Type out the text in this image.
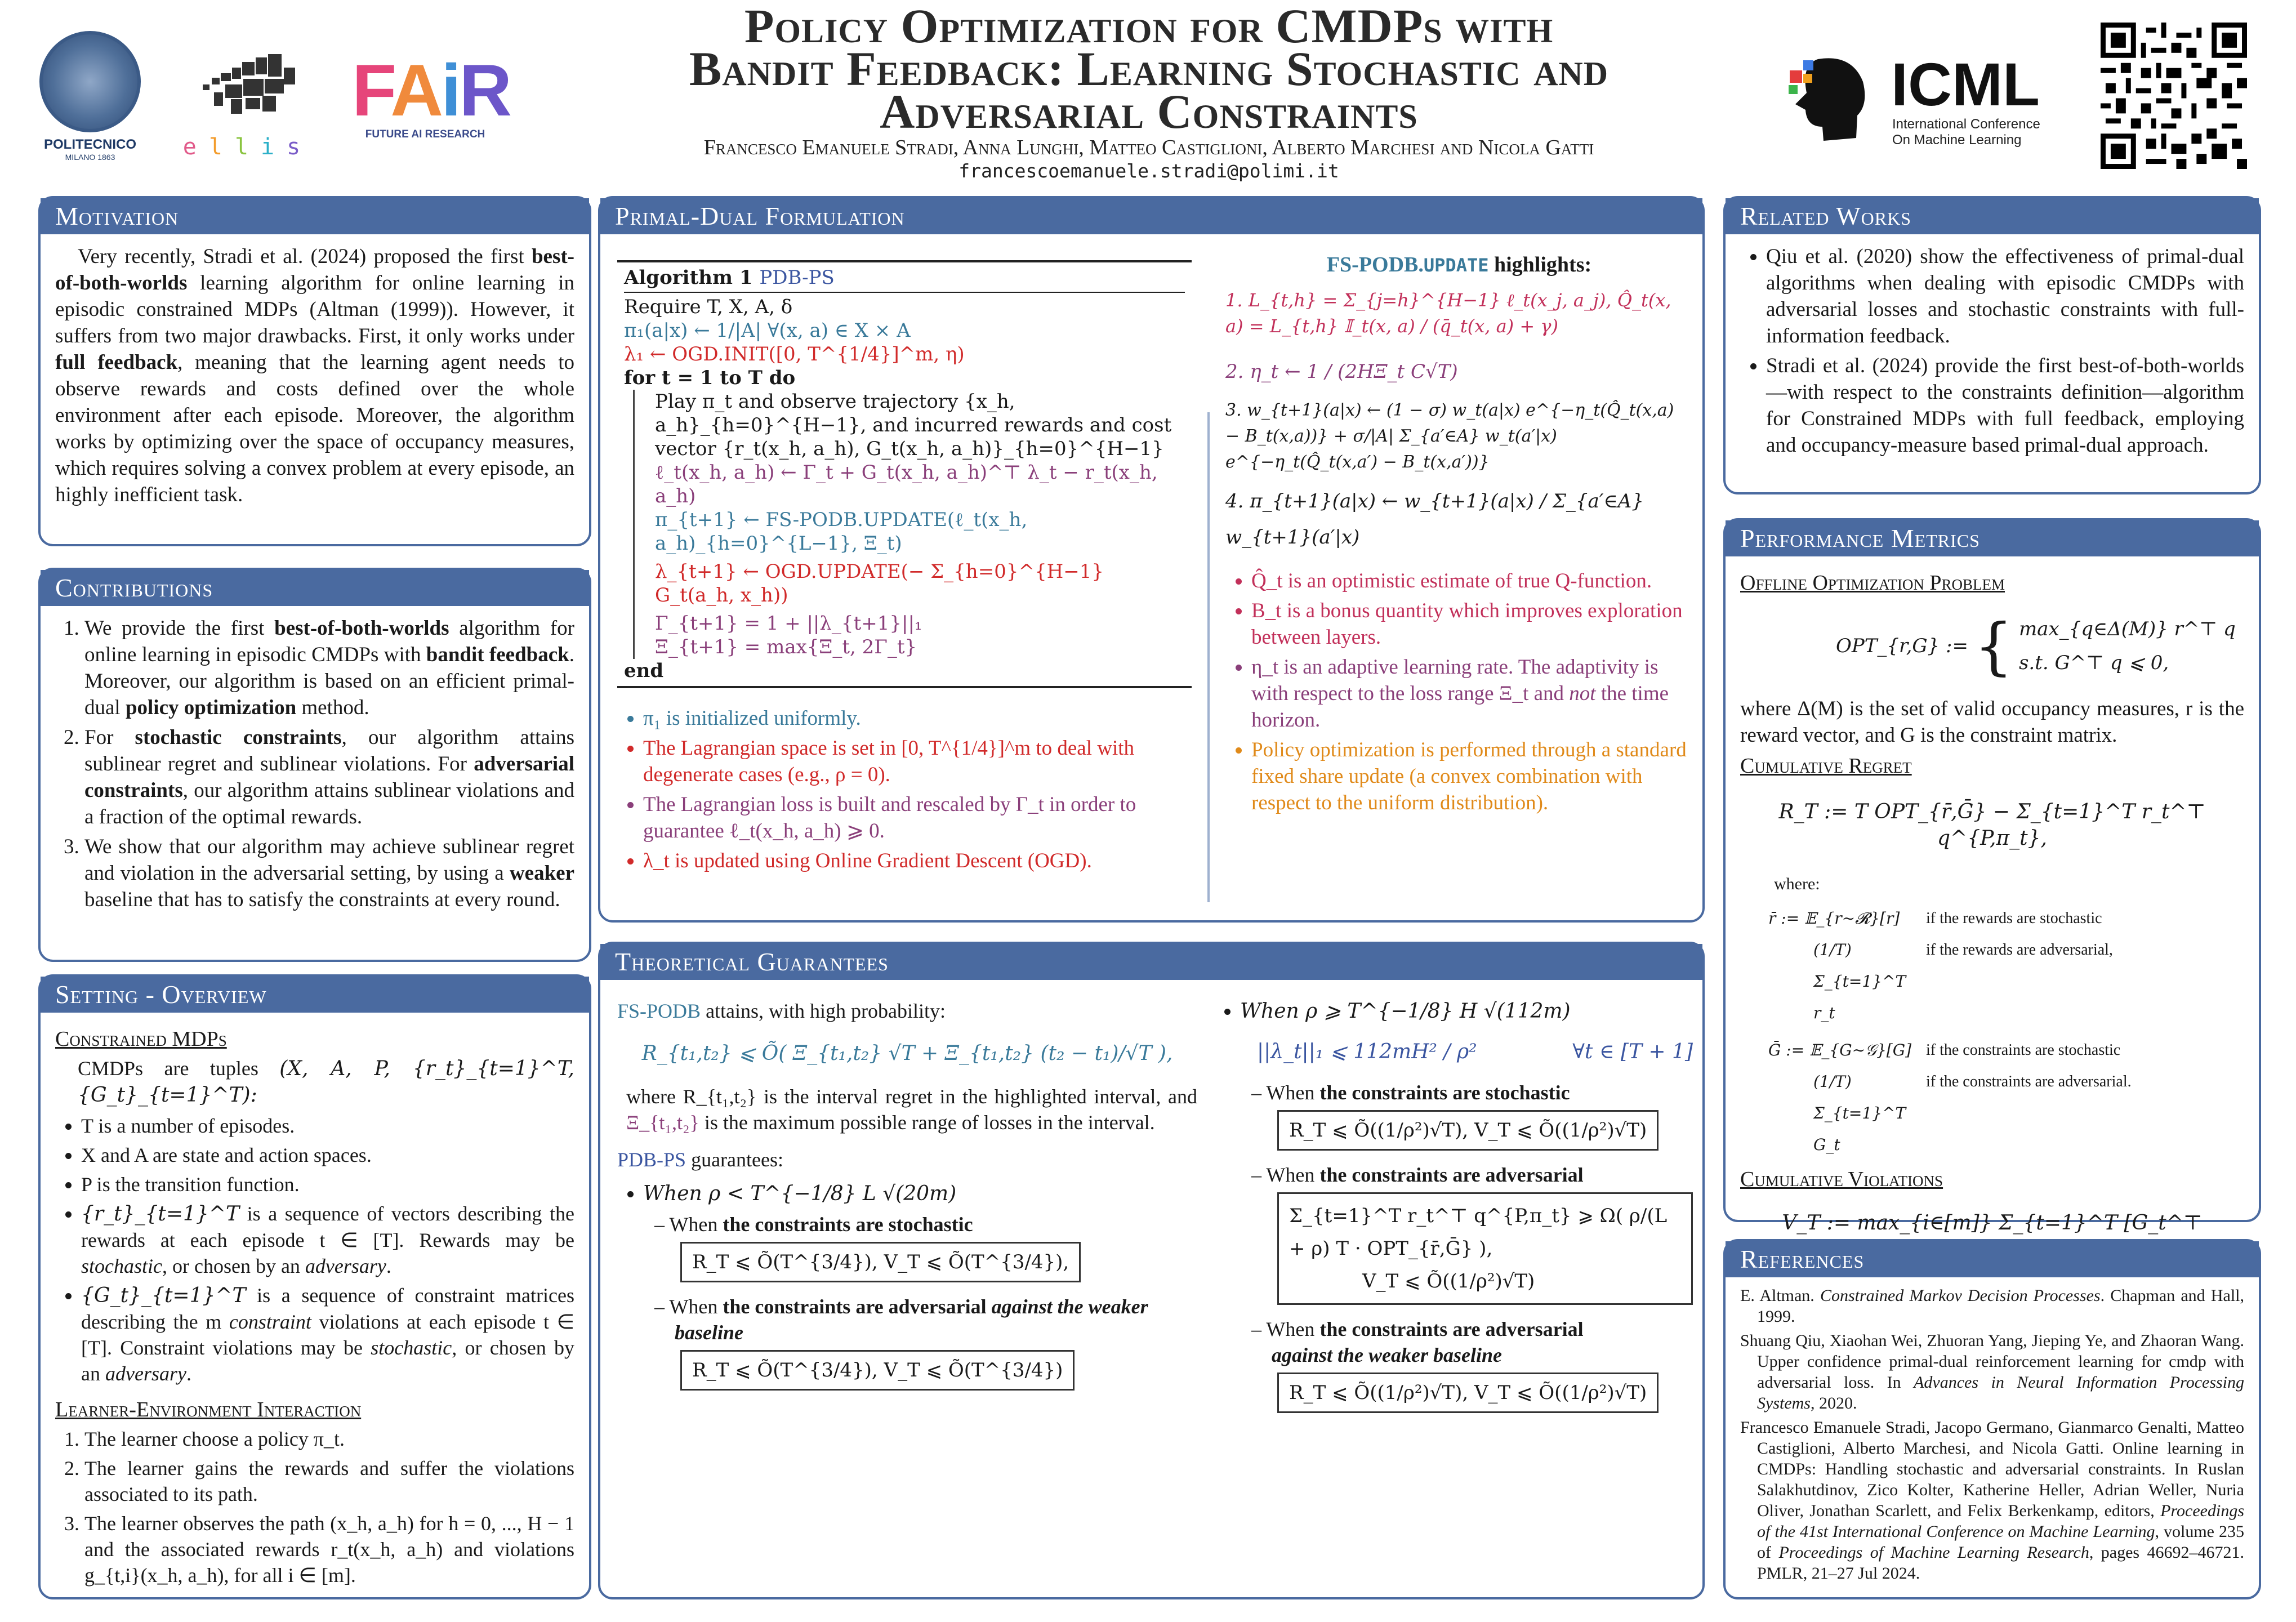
POLITECNICO
MILANO 1863	ellis
FAiR
FUTURE AI RESEARCH
Policy Optimization for CMDPs with
Bandit Feedback: Learning Stochastic and
Adversarial Constraints
Francesco Emanuele Stradi, Anna Lunghi, Matteo Castiglioni, Alberto Marchesi and Nicola Gatti
francescoemanuele.stradi@polimi.it
ICML
International Conference
On Machine Learning
Motivation

Very recently, Stradi et al. (2024) proposed the first best-of-both-worlds learning algorithm for online learning in episodic constrained MDPs (Altman (1999)). However, it suffers from two major drawbacks. First, it only works under full feedback, meaning that the learning agent needs to observe rewards and costs defined over the whole environment after each episode. Moreover, the algorithm works by optimizing over the space of occupancy measures, which requires solving a convex problem at every episode, an highly inefficient task.

Contributions
1. We provide the first best-of-both-worlds algorithm for online learning in episodic CMDPs with bandit feedback. Moreover, our algorithm is based on an efficient primal-dual policy optimization method.
2. For stochastic constraints, our algorithm attains sublinear regret and sublinear violations. For adversarial constraints, our algorithm attains sublinear violations and a fraction of the optimal rewards.
3. We show that our algorithm may achieve sublinear regret and violation in the adversarial setting, by using a weaker baseline that has to satisfy the constraints at every round.
Setting - Overview
Constrained MDPs

CMDPs are tuples (X, A, P, {r_t}_{t=1}^T, {G_t}_{t=1}^T):

• T is a number of episodes.
• X and A are state and action spaces.
• P is the transition function.
• {r_t}_{t=1}^T is a sequence of vectors describing the rewards at each episode t ∈ [T]. Rewards may be stochastic, or chosen by an adversary.
• {G_t}_{t=1}^T is a sequence of constraint matrices describing the m constraint violations at each episode t ∈ [T]. Constraint violations may be stochastic, or chosen by an adversary.
Learner-Environment Interaction
1. The learner choose a policy π_t.
2. The learner gains the rewards and suffer the violations associated to its path.
3. The learner observes the path (x_h, a_h) for h = 0, ..., H − 1 and the associated rewards r_t(x_h, a_h) and violations g_{t,i}(x_h, a_h), for all i ∈ [m].
Primal-Dual Formulation
Algorithm 1 PDB-PS
Require T, X, A, δ
π₁(a|x) ← 1/|A| ∀(x, a) ∈ X × A
λ₁ ← OGD.INIT([0, T^{1/4}]^m, η)
for t = 1 to T do
Play π_t and observe trajectory {x_h, a_h}_{h=0}^{H−1}, and incurred rewards and cost vector {r_t(x_h, a_h), G_t(x_h, a_h)}_{h=0}^{H−1}
ℓ_t(x_h, a_h) ← Γ_t + G_t(x_h, a_h)^⊤ λ_t − r_t(x_h, a_h)
π_{t+1} ← FS-PODB.UPDATE(ℓ_t(x_h, a_h)_{h=0}^{L−1}, Ξ_t)
λ_{t+1} ← OGD.UPDATE(− Σ_{h=0}^{H−1} G_t(a_h, x_h))
Γ_{t+1} = 1 + ||λ_{t+1}||₁
Ξ_{t+1} = max{Ξ_t, 2Γ_t}
end
• π₁ is initialized uniformly.
• The Lagrangian space is set in [0, T^{1/4}]^m to deal with degenerate cases (e.g., ρ = 0).
• The Lagrangian loss is built and rescaled by Γ_t in order to guarantee ℓ_t(x_h, a_h) ⩾ 0.
• λ_t is updated using Online Gradient Descent (OGD).
FS-PODB.UPDATE highlights:
1. L_{t,h} = Σ_{j=h}^{H−1} ℓ_t(x_j, a_j), Q̂_t(x, a) = L_{t,h} 𝕀_t(x, a) / (q̄_t(x, a) + γ)
2. η_t ← 1 / (2HΞ_t C√T)
3. w_{t+1}(a|x) ← (1 − σ) w_t(a|x) e^{−η_t(Q̂_t(x,a) − B_t(x,a))} + σ/|A| Σ_{a′∈A} w_t(a′|x) e^{−η_t(Q̂_t(x,a′) − B_t(x,a′))}
4. π_{t+1}(a|x) ← w_{t+1}(a|x) / Σ_{a′∈A} w_{t+1}(a′|x)
• Q̂_t is an optimistic estimate of true Q-function.
• B_t is a bonus quantity which improves exploration between layers.
• η_t is an adaptive learning rate. The adaptivity is with respect to the loss range Ξ_t and not the time horizon.
• Policy optimization is performed through a standard fixed share update (a convex combination with respect to the uniform distribution).
Theoretical Guarantees

FS-PODB attains, with high probability:

R_{t₁,t₂} ⩽ Õ( Ξ_{t₁,t₂} √T + Ξ_{t₁,t₂} (t₂ − t₁)/√T ),

where R_{t₁,t₂} is the interval regret in the highlighted interval, and Ξ_{t₁,t₂} is the maximum possible range of losses in the interval.

PDB-PS guarantees:

• When ρ < T^{−1/8} L √(20m)
– When the constraints are stochastic
R_T ⩽ Õ(T^{3/4}), V_T ⩽ Õ(T^{3/4}),
– When the constraints are adversarial against the weaker baseline
R_T ⩽ Õ(T^{3/4}), V_T ⩽ Õ(T^{3/4})
• When ρ ⩾ T^{−1/8} H √(112m)
||λ_t||₁ ⩽ 112mH² / ρ²	∀t ∈ [T + 1]
– When the constraints are stochastic
R_T ⩽ Õ((1/ρ²)√T), V_T ⩽ Õ((1/ρ²)√T)
– When the constraints are adversarial
Σ_{t=1}^T r_t^⊤ q^{P,π_t} ⩾ Ω( ρ/(L + ρ) T · OPT_{r̄,Ḡ} ),
V_T ⩽ Õ((1/ρ²)√T)
– When the constraints are adversarial
against the weaker baseline
R_T ⩽ Õ((1/ρ²)√T), V_T ⩽ Õ((1/ρ²)√T)
Related Works
• Qiu et al. (2020) show the effectiveness of primal-dual algorithms when dealing with episodic CMDPs with adversarial losses and stochastic constraints with full-information feedback.
• Stradi et al. (2024) provide the first best-of-both-worlds—with respect to the constraints definition—algorithm for Constrained MDPs with full feedback, employing and occupancy-measure based primal-dual approach.
Performance Metrics
Offline Optimization Problem
OPT_{r,G} := { max_{q∈Δ(M)} r^⊤ q
s.t. G^⊤ q ⩽ 0,

where Δ(M) is the set of valid occupancy measures, r is the reward vector, and G is the constraint matrix.

Cumulative Regret
R_T := T OPT_{r̄,Ḡ} − Σ_{t=1}^T r_t^⊤ q^{P,π_t},
where:
r̄ := 𝔼_{r∼𝓡}[r]	if the rewards are stochastic
(1/T) Σ_{t=1}^T r_t
if the rewards are adversarial,
Ḡ := 𝔼_{G∼𝒢}[G] if the constraints are stochastic
(1/T) Σ_{t=1}^T G_t
if the constraints are adversarial.
Cumulative Violations
V_T := max_{i∈[m]} Σ_{t=1}^T [G_t^⊤
References
E. Altman. Constrained Markov Decision Processes. Chapman and Hall, 1999.
Shuang Qiu, Xiaohan Wei, Zhuoran Yang, Jieping Ye, and Zhaoran Wang. Upper confidence primal-dual reinforcement learning for cmdp with adversarial loss. In Advances in Neural Information Processing Systems, 2020.
Francesco Emanuele Stradi, Jacopo Germano, Gianmarco Genalti, Matteo Castiglioni, Alberto Marchesi, and Nicola Gatti. Online learning in CMDPs: Handling stochastic and adversarial constraints. In Ruslan Salakhutdinov, Zico Kolter, Katherine Heller, Adrian Weller, Nuria Oliver, Jonathan Scarlett, and Felix Berkenkamp, editors, Proceedings of the 41st International Conference on Machine Learning, volume 235 of Proceedings of Machine Learning Research, pages 46692–46721. PMLR, 21–27 Jul 2024.
